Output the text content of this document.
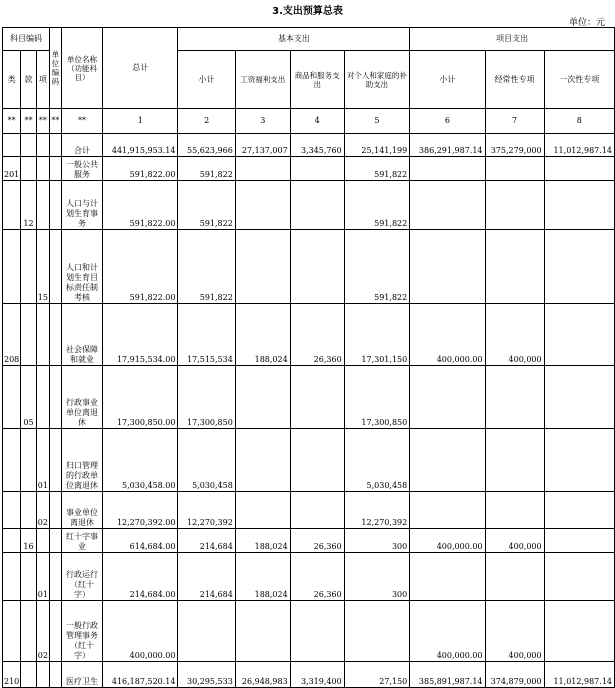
3.支出预算总表
单位：元
科目编码			单位编码	单位名称（功能科目）	总计	基本支出				项目支出		
类	款	项				小计	工资福利支出	商品和服务支出	对个人和家庭的补助支出	小计	经常性专项	一次性专项
**	**	**	**	**	1	2	3	4	5	6	7	8
				合计	441,915,953.14	55,623,966	27,137,007	3,345,760	25,141,199	386,291,987.14	375,279,000	11,012,987.14
201				一般公共服务	591,822.00	591,822			591,822			
	12			人口与计划生育事务	591,822.00	591,822			591,822			
		15		人口和计划生育目标责任制考核	591,822.00	591,822			591,822			
208				社会保障和就业	17,915,534.00	17,515,534	188,024	26,360	17,301,150	400,000.00	400,000	
	05			行政事业单位离退休	17,300,850.00	17,300,850			17,300,850			
		01		归口管理的行政单位离退休	5,030,458.00	5,030,458			5,030,458			
		02		事业单位离退休	12,270,392.00	12,270,392			12,270,392			
	16			红十字事业	614,684.00	214,684	188,024	26,360	300	400,000.00	400,000	
		01		行政运行（红十字）	214,684.00	214,684	188,024	26,360	300			
		02		一般行政管理事务（红十字）	400,000.00					400,000.00	400,000	
210				医疗卫生	416,187,520.14	30,295,533	26,948,983	3,319,400	27,150	385,891,987.14	374,879,000	11,012,987.14
